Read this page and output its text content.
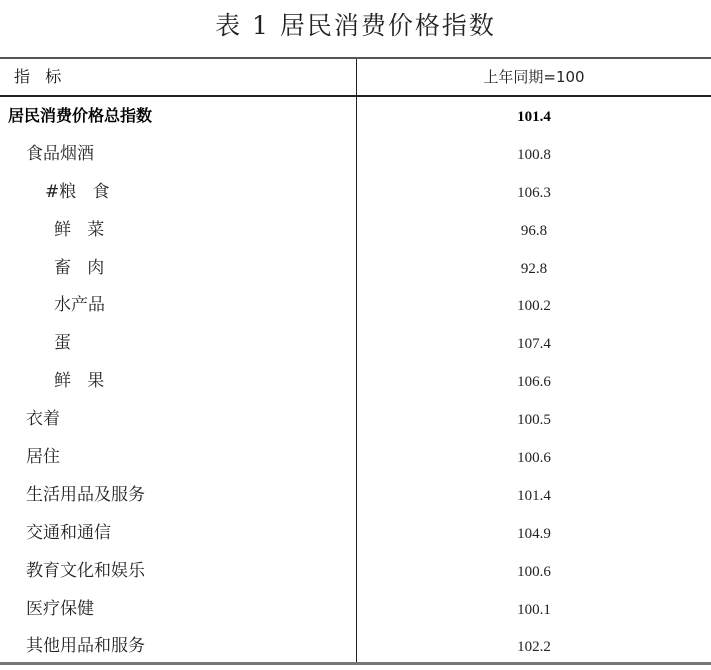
表 1 居民消费价格指数
指   标	上年同期=100
居民消费价格总指数	101.4
食品烟酒	100.8
#粮   食	106.3
鲜   菜	96.8
畜   肉	92.8
水产品	100.2
蛋	107.4
鲜   果	106.6
衣着	100.5
居住	100.6
生活用品及服务	101.4
交通和通信	104.9
教育文化和娱乐	100.6
医疗保健	100.1
其他用品和服务	102.2
